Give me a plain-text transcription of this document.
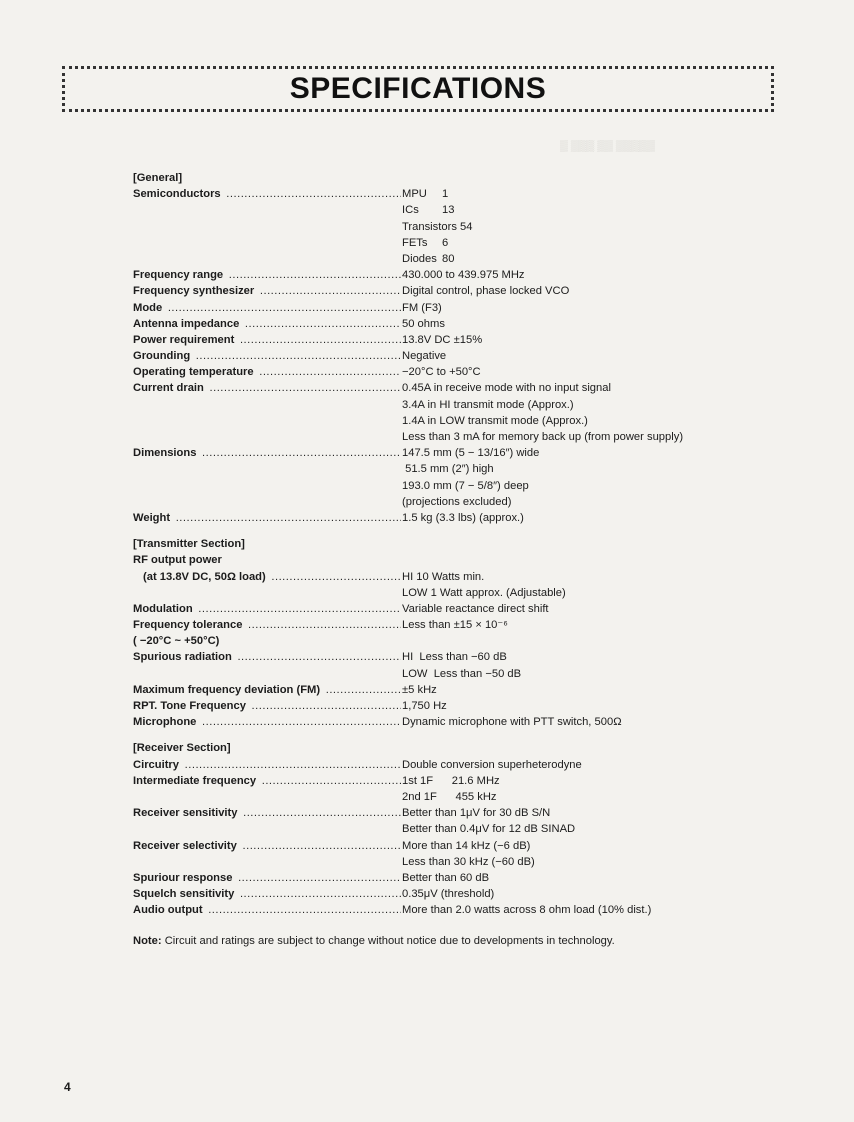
▒ ▒▒▒ ▒▒ ▒▒▒▒▒
SPECIFICATIONS
[General]
Semiconductors .....	MPU 1
ICs 13
Transistors 54
FETs 6
Diodes 80
Frequency range .....	430.000 to 439.975 MHz
Frequency synthesizer .....	Digital control, phase locked VCO
Mode .....	FM (F3)
Antenna impedance .....	50 ohms
Power requirement .....	13.8V DC ±15%
Grounding .....	Negative
Operating temperature .....	−20°C to +50°C
Current drain .....	0.45A in receive mode with no input signal
3.4A in HI transmit mode (Approx.)
1.4A in LOW transmit mode (Approx.)
Less than 3 mA for memory back up (from power supply)
Dimensions .....	147.5 mm (5 − 13/16″) wide
51.5 mm (2″) high
193.0 mm (7 − 5/8″) deep
(projections excluded)
Weight .....	1.5 kg (3.3 lbs) (approx.)
[Transmitter Section]
RF output power
(at 13.8V DC, 50Ω load) .....	HI 10 Watts min.
LOW 1 Watt approx. (Adjustable)
Modulation .....	Variable reactance direct shift
Frequency tolerance .....	Less than ±15 × 10⁻⁶
( −20°C ~ +50°C)
Spurious radiation .....	HI  Less than −60 dB
LOW  Less than −50 dB
Maximum frequency deviation (FM) .....	±5 kHz
RPT. Tone Frequency .....	1,750 Hz
Microphone .....	Dynamic microphone with PTT switch, 500Ω
[Receiver Section]
Circuitry .....	Double conversion superheterodyne
Intermediate frequency .....	1st 1F      21.6 MHz
2nd 1F      455 kHz
Receiver sensitivity .....	Better than 1μV for 30 dB S/N
Better than 0.4μV for 12 dB SINAD
Receiver selectivity .....	More than 14 kHz (−6 dB)
Less than 30 kHz (−60 dB)
Spuriour response .....	Better than 60 dB
Squelch sensitivity .....	0.35μV (threshold)
Audio output .....	More than 2.0 watts across 8 ohm load (10% dist.)
Note: Circuit and ratings are subject to change without notice due to developments in technology.
4
